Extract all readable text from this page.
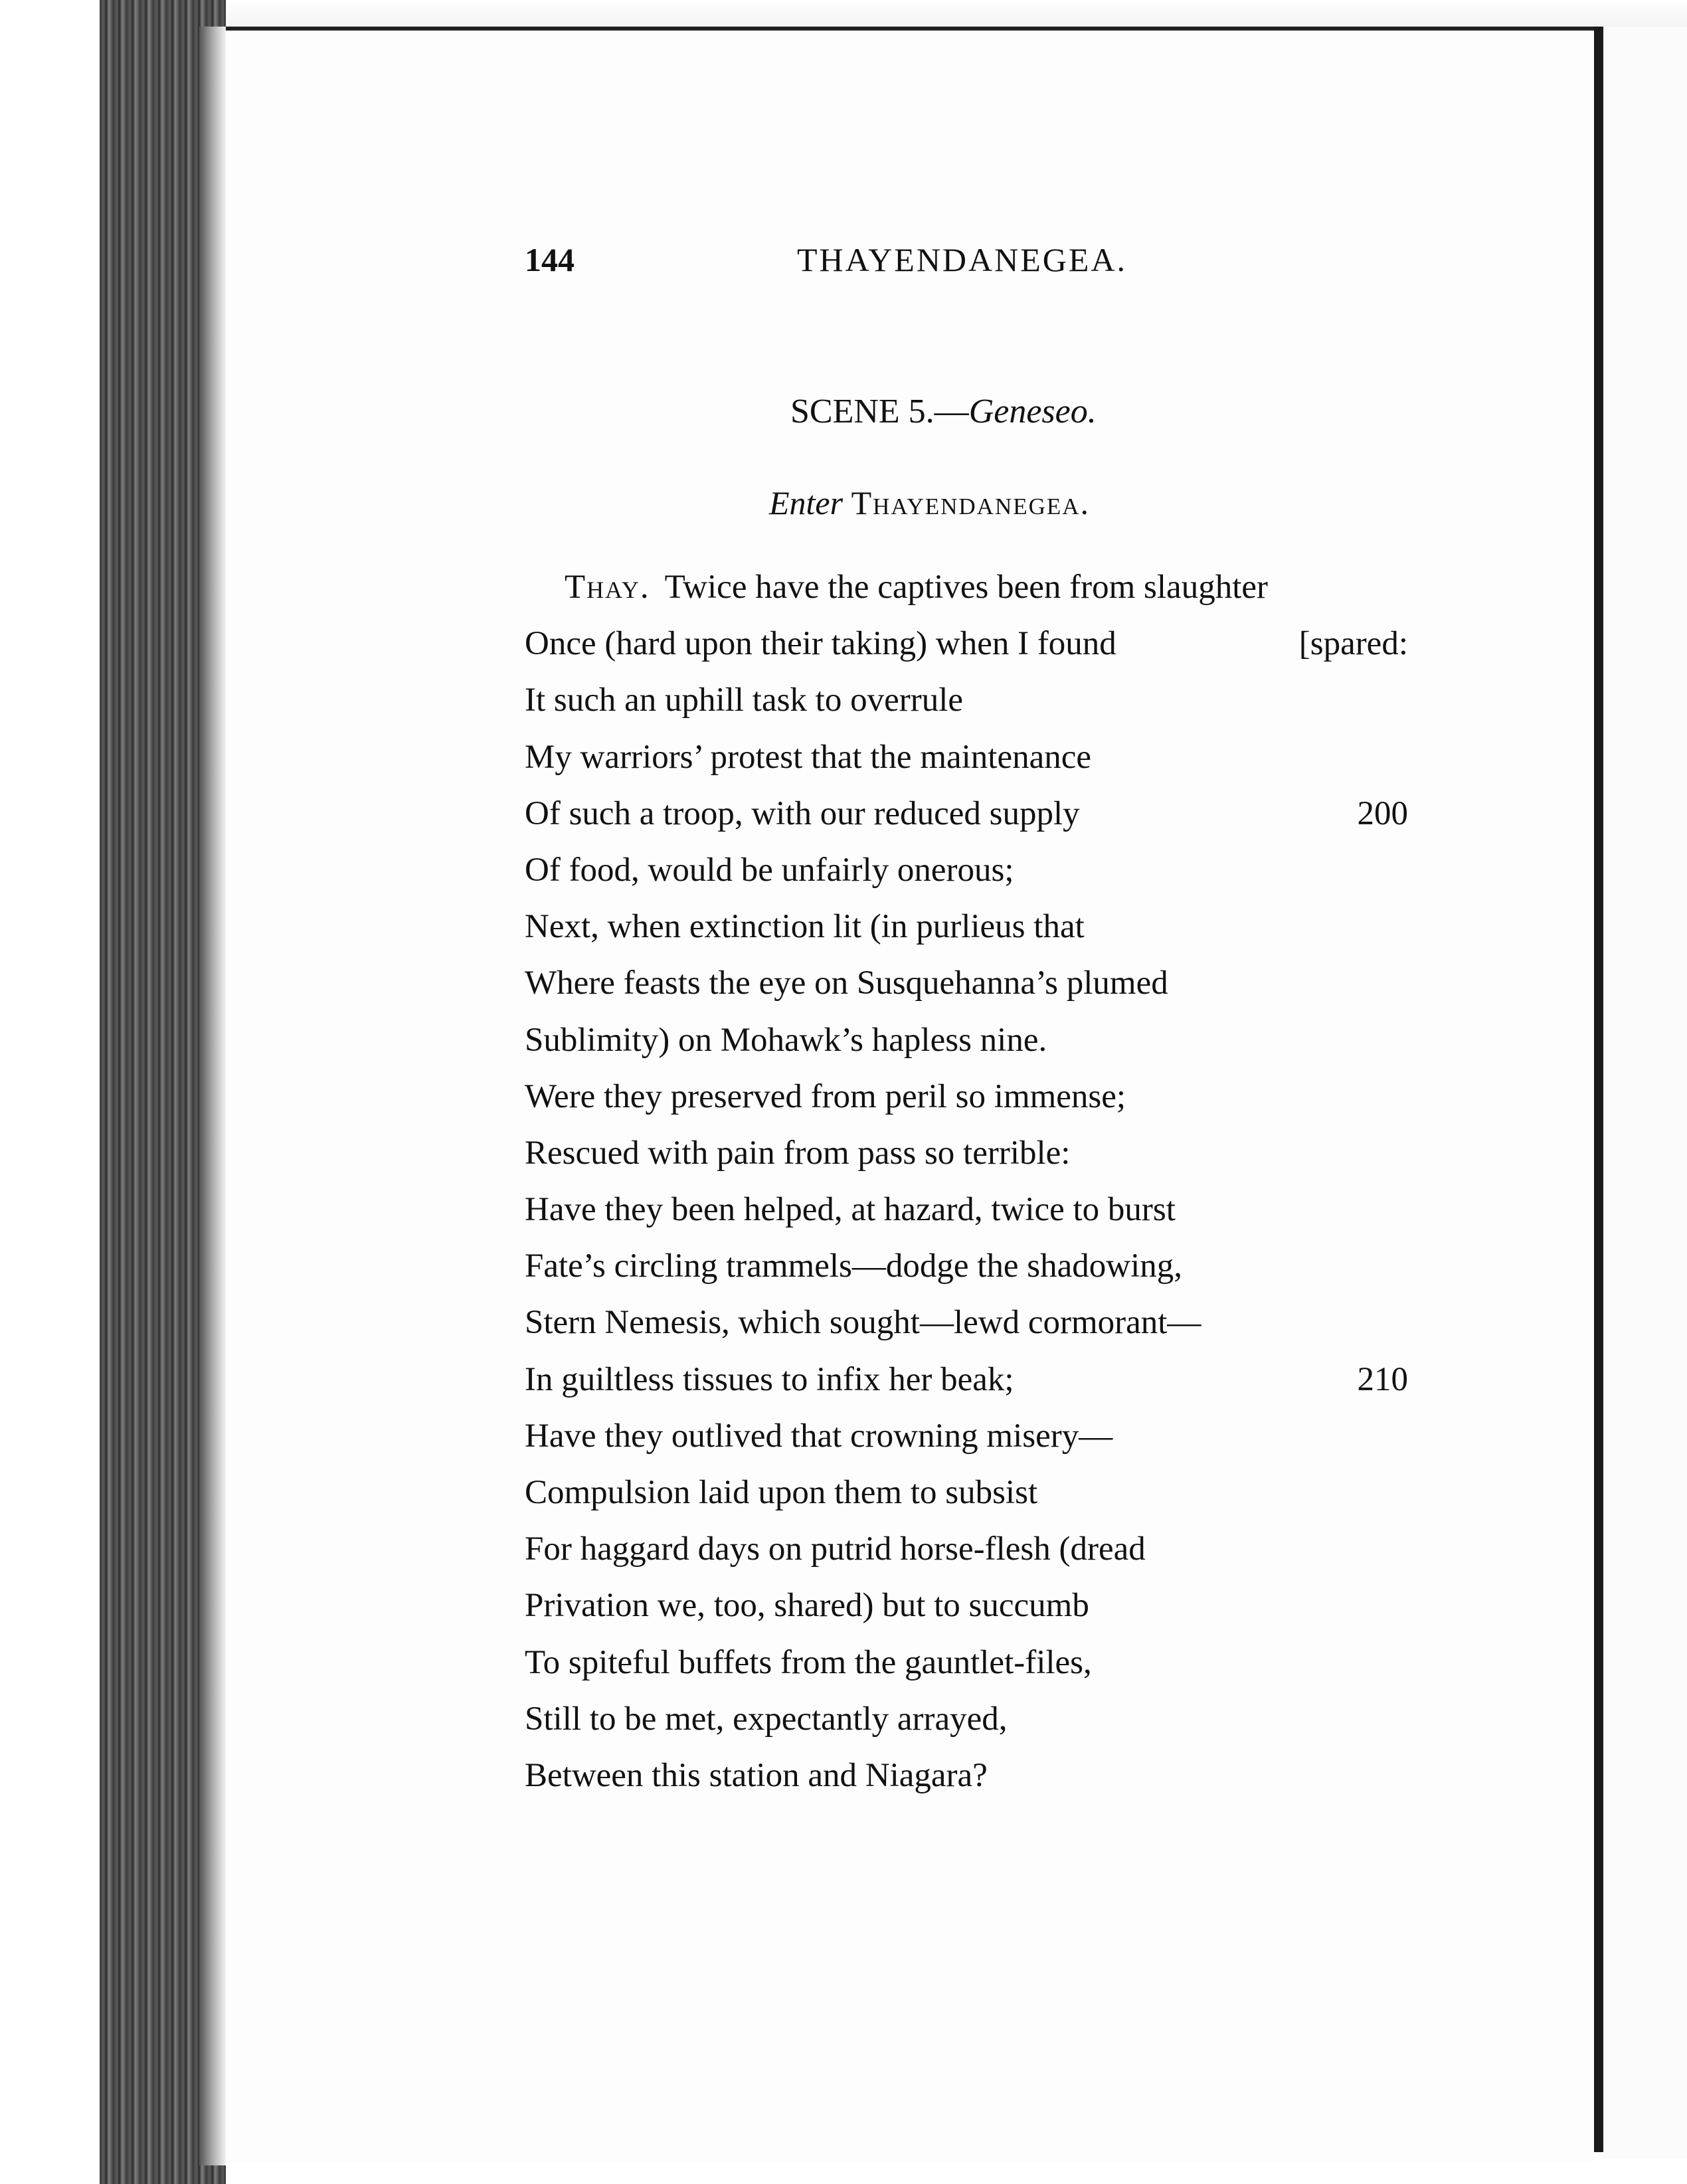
144	THAYENDANEGEA.
SCENE 5.—Geneseo.
Enter Thayendanegea.
Thay. Twice have the captives been from slaughter
Once (hard upon their taking) when I found	[spared:
It such an uphill task to overrule
My warriors’ protest that the maintenance
Of such a troop, with our reduced supply	200
Of food, would be unfairly onerous;
Next, when extinction lit (in purlieus that
Where feasts the eye on Susquehanna’s plumed
Sublimity) on Mohawk’s hapless nine.
Were they preserved from peril so immense;
Rescued with pain from pass so terrible:
Have they been helped, at hazard, twice to burst
Fate’s circling trammels—dodge the shadowing,
Stern Nemesis, which sought—lewd cormorant—
In guiltless tissues to infix her beak;	210
Have they outlived that crowning misery—
Compulsion laid upon them to subsist
For haggard days on putrid horse-flesh (dread
Privation we, too, shared) but to succumb
To spiteful buffets from the gauntlet-files,
Still to be met, expectantly arrayed,
Between this station and Niagara?
